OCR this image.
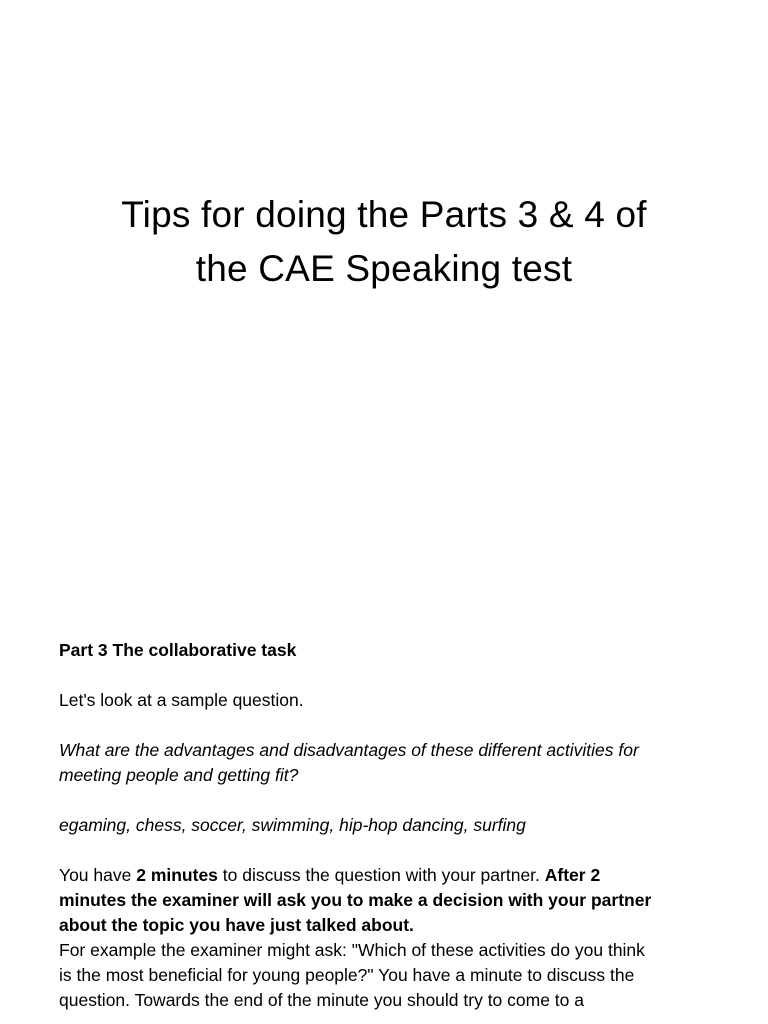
Tips for doing the Parts 3 & 4 of
the CAE Speaking test

Part 3 The collaborative task

Let's look at a sample question.

What are the advantages and disadvantages of these different activities for

meeting people and getting fit?

egaming, chess, soccer, swimming, hip-hop dancing, surfing

You have 2 minutes to discuss the question with your partner. After 2

minutes the examiner will ask you to make a decision with your partner

about the topic you have just talked about.

For example the examiner might ask: "Which of these activities do you think

is the most beneficial for young people?" You have a minute to discuss the

question. Towards the end of the minute you should try to come to a
